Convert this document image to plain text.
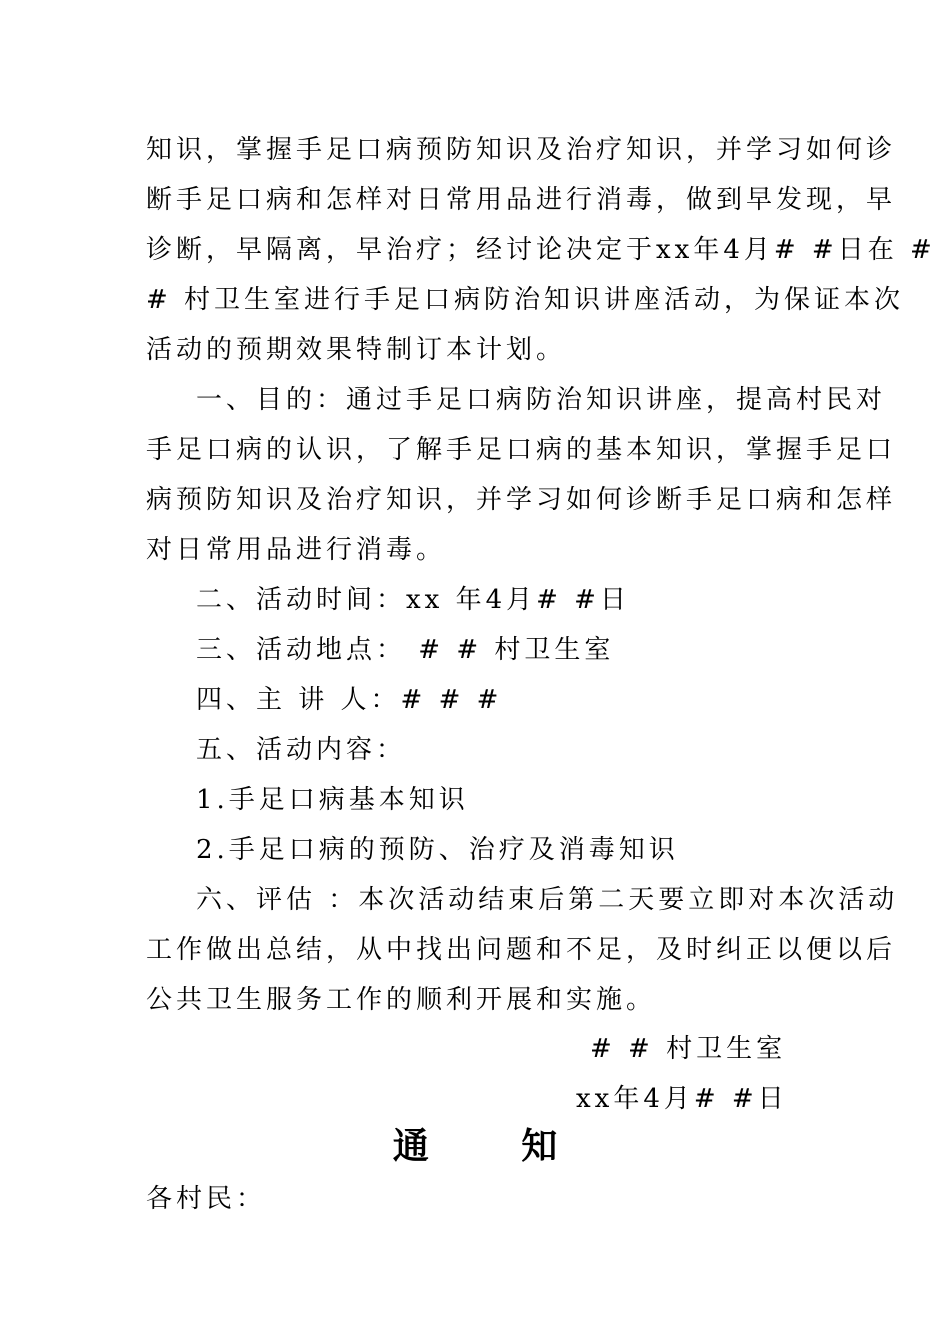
知识，掌握手足口病预防知识及治疗知识，并学习如何诊
断手足口病和怎样对日常用品进行消毒，做到早发现，早
诊断，早隔离，早治疗；经讨论决定于xx年4月# #日在 #
# 村卫生室进行手足口病防治知识讲座活动，为保证本次
活动的预期效果特制订本计划。
一、目的：通过手足口病防治知识讲座，提高村民对
手足口病的认识，了解手足口病的基本知识，掌握手足口
病预防知识及治疗知识，并学习如何诊断手足口病和怎样
对日常用品进行消毒。
二、活动时间：xx 年4月# #日
三、活动地点： # # 村卫生室
四、主 讲 人：# # #
五、活动内容：
1.手足口病基本知识
2.手足口病的预防、治疗及消毒知识
六、评估 ：本次活动结束后第二天要立即对本次活动
工作做出总结，从中找出问题和不足，及时纠正以便以后
公共卫生服务工作的顺利开展和实施。
# # 村卫生室
xx年4月# #日
通 知
各村民：
